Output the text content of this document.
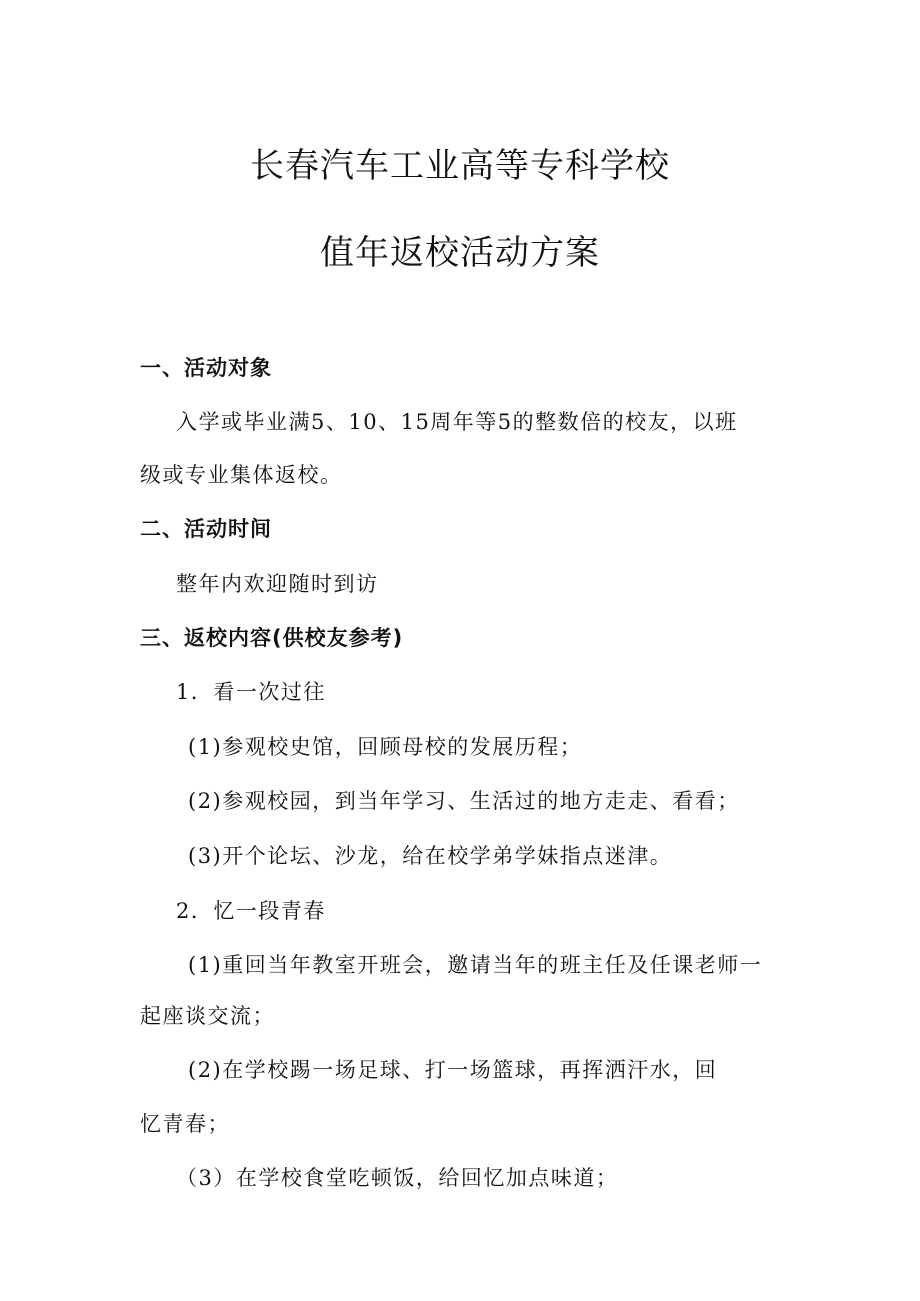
长春汽车工业高等专科学校
值年返校活动方案
一、活动对象
入学或毕业满5、10、15周年等5的整数倍的校友，以班
级或专业集体返校。
二、活动时间
整年内欢迎随时到访
三、返校内容(供校友参考)
1．看一次过往
(1)参观校史馆，回顾母校的发展历程；
(2)参观校园，到当年学习、生活过的地方走走、看看；
(3)开个论坛、沙龙，给在校学弟学妹指点迷津。
2．忆一段青春
(1)重回当年教室开班会，邀请当年的班主任及任课老师一
起座谈交流；
(2)在学校踢一场足球、打一场篮球，再挥洒汗水，回
忆青春；
（3）在学校食堂吃顿饭，给回忆加点味道；
